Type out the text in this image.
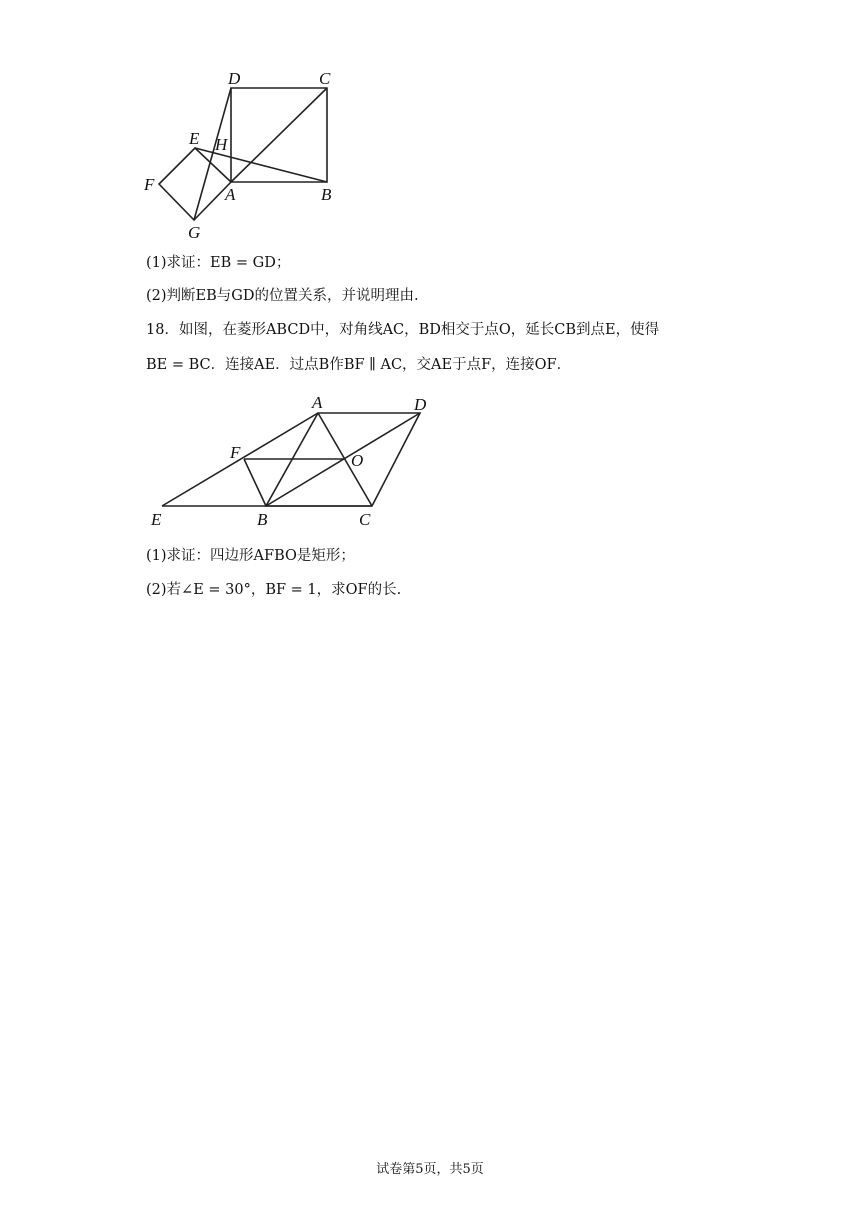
D	C
E H
F
A	B
G
(1)求证：EB = GD；
(2)判断EB与GD的位置关系，并说明理由.
18．如图，在菱形ABCD中，对角线AC，BD相交于点O，延长CB到点E，使得
BE = BC．连接AE．过点B作BF ∥ AC，交AE于点F，连接OF．
A	D
F	O
E	B	C
(1)求证：四边形AFBO是矩形；
(2)若∠E = 30°，BF = 1，求OF的长.
试卷第5页，共5页
